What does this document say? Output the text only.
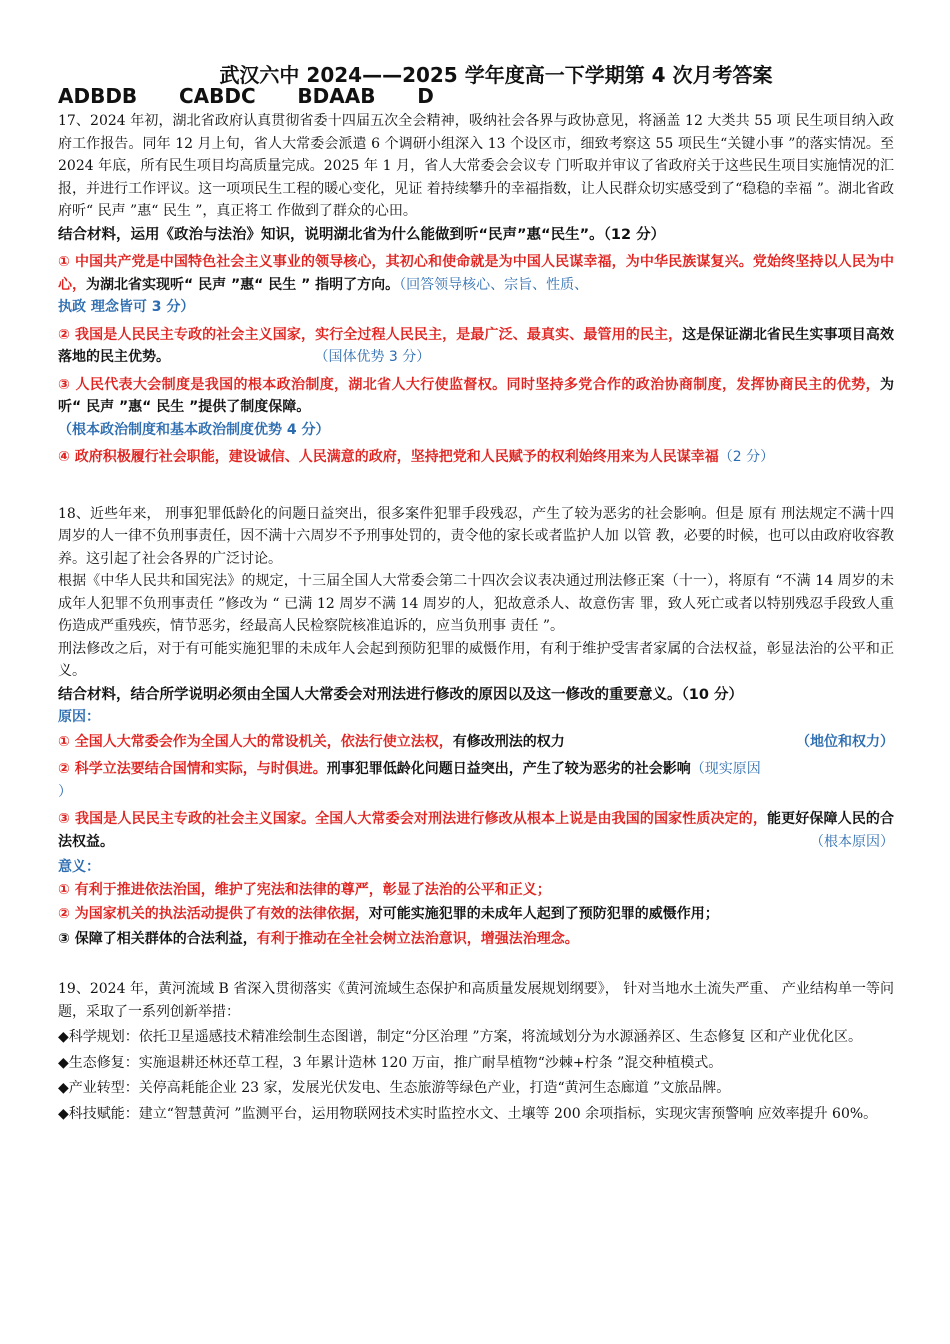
武汉六中 2024——2025 学年度高一下学期第 4 次月考答案
ADBDB      CABDC      BDAAB      D

17、2024 年初，湖北省政府认真贯彻省委十四届五次全会精神，吸纳社会各界与政协意见，将涵盖 12 大类共 55 项 民生项目纳入政府工作报告。同年 12 月上旬，省人大常委会派遣 6 个调研小组深入 13 个设区市，细致考察这 55 项民生“关键小事 ”的落实情况。至 2024 年底，所有民生项目均高质量完成。2025 年 1 月，省人大常委会会议专 门听取并审议了省政府关于这些民生项目实施情况的汇报，并进行工作评议。这一项项民生工程的暖心变化，见证 着持续攀升的幸福指数，让人民群众切实感受到了“稳稳的幸福 ”。湖北省政府听“ 民声 ”惠“ 民生 ”，真正将工 作做到了群众的心田。

结合材料，运用《政治与法治》知识，说明湖北省为什么能做到听“民声”惠“民生”。（12 分）
① 中国共产党是中国特色社会主义事业的领导核心，其初心和使命就是为中国人民谋幸福，为中华民族谋复兴。党始终坚持以人民为中心，为湖北省实现听“ 民声 ”惠“ 民生 ” 指明了方向。（回答领导核心、宗旨、性质、
执政 理念皆可 3 分）
② 我国是人民民主专政的社会主义国家，实行全过程人民民主，是最广泛、最真实、最管用的民主，这是保证湖北省民生实事项目高效落地的民主优势。	（国体优势 3 分）
③ 人民代表大会制度是我国的根本政治制度，湖北省人大行使监督权。同时坚持多党合作的政治协商制度，发挥协商民主的优势，为听“ 民声 ”惠“ 民生 ”提供了制度保障。
（根本政治制度和基本政治制度优势 4 分）
④ 政府积极履行社会职能，建设诚信、人民满意的政府，坚持把党和人民赋予的权利始终用来为人民谋幸福（2 分）

18、近些年来， 刑事犯罪低龄化的问题日益突出，很多案件犯罪手段残忍，产生了较为恶劣的社会影响。但是 原有 刑法规定不满十四周岁的人一律不负刑事责任，因不满十六周岁不予刑事处罚的，责令他的家长或者监护人加 以管 教，必要的时候，也可以由政府收容教养。这引起了社会各界的广泛讨论。

根据《中华人民共和国宪法》的规定，十三届全国人大常委会第二十四次会议表决通过刑法修正案（十一），将原有 “不满 14 周岁的未成年人犯罪不负刑事责任 ”修改为 “ 已满 12 周岁不满 14 周岁的人，犯故意杀人、故意伤害 罪，致人死亡或者以特别残忍手段致人重伤造成严重残疾，情节恶劣，经最高人民检察院核准追诉的，应当负刑事 责任 ”。

刑法修改之后，对于有可能实施犯罪的未成年人会起到预防犯罪的威慑作用，有利于维护受害者家属的合法权益，彰显法治的公平和正义。

结合材料，结合所学说明必须由全国人大常委会对刑法进行修改的原因以及这一修改的重要意义。（10 分）
原因：
① 全国人大常委会作为全国人大的常设机关，依法行使立法权，有修改刑法的权力	（地位和权力）
② 科学立法要结合国情和实际，与时俱进。刑事犯罪低龄化问题日益突出，产生了较为恶劣的社会影响（现实原因
）
③ 我国是人民民主专政的社会主义国家。全国人大常委会对刑法进行修改从根本上说是由我国的国家性质决定的，能更好保障人民的合法权益。	（根本原因）
意义：
① 有利于推进依法治国，维护了宪法和法律的尊严，彰显了法治的公平和正义；
② 为国家机关的执法活动提供了有效的法律依据，对可能实施犯罪的未成年人起到了预防犯罪的威慑作用；
③ 保障了相关群体的合法利益，有利于推动在全社会树立法治意识，增强法治理念。

19、2024 年，黄河流域 B 省深入贯彻落实《黄河流域生态保护和高质量发展规划纲要》， 针对当地水土流失严重、 产业结构单一等问题，采取了一系列创新举措：

◆科学规划：依托卫星遥感技术精准绘制生态图谱，制定“分区治理 ”方案，将流域划分为水源涵养区、生态修复 区和产业优化区。

◆生态修复：实施退耕还林还草工程，3 年累计造林 120 万亩，推广耐旱植物“沙棘+柠条 ”混交种植模式。

◆产业转型：关停高耗能企业 23 家，发展光伏发电、生态旅游等绿色产业，打造“黄河生态廊道 ”文旅品牌。

◆科技赋能：建立“智慧黄河 ”监测平台，运用物联网技术实时监控水文、土壤等 200 余项指标，实现灾害预警响 应效率提升 60%。
